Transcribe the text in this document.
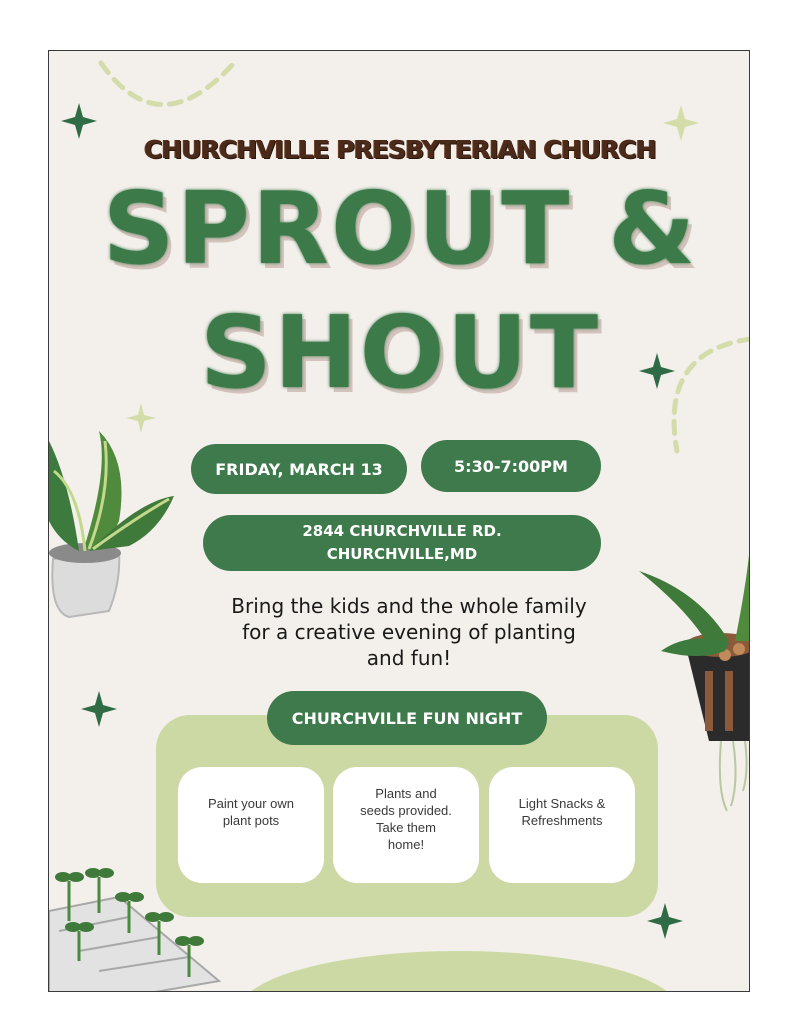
CHURCHVILLE PRESBYTERIAN CHURCH
SPROUT &
SHOUT
FRIDAY, MARCH 13	5:30-7:00PM
2844 CHURCHVILLE RD.
CHURCHVILLE,MD
Bring the kids and the whole family
for a creative evening of planting
and fun!
CHURCHVILLE FUN NIGHT
Paint your own
plant pots
Plants and
seeds provided.
Take them
home!
Light Snacks &
Refreshments
